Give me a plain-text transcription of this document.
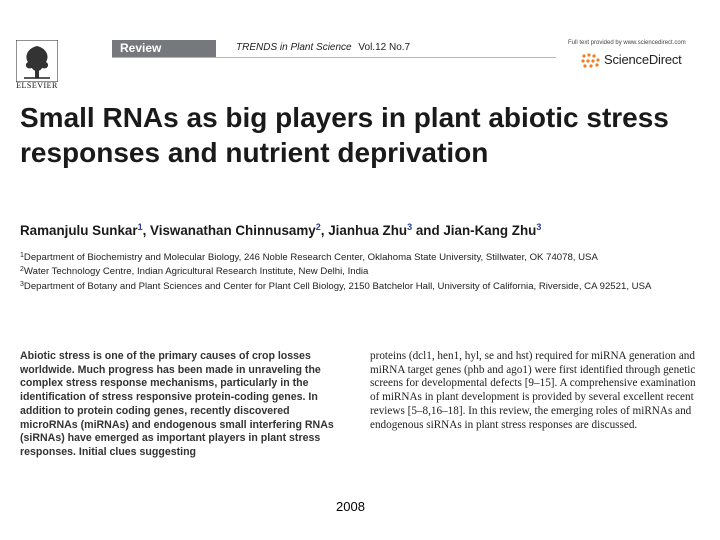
ELSEVIER
Review	TRENDS in Plant Science Vol.12 No.7	Full text provided by www.sciencedirect.com
ScienceDirect
Small RNAs as big players in plant abiotic stress responses and nutrient deprivation
Ramanjulu Sunkar$^1$, Viswanathan Chinnusamy$^2$, Jianhua Zhu$^3$ and Jian-Kang Zhu$^3$
$^1$Department of Biochemistry and Molecular Biology, 246 Noble Research Center, Oklahoma State University, Stillwater, OK 74078, USA
$^2$Water Technology Centre, Indian Agricultural Research Institute, New Delhi, India
$^3$Department of Botany and Plant Sciences and Center for Plant Cell Biology, 2150 Batchelor Hall, University of California, Riverside, CA 92521, USA
Abiotic stress is one of the primary causes of crop losses worldwide. Much progress has been made in unraveling the complex stress response mechanisms, particularly in the identification of stress responsive protein-coding genes. In addition to protein coding genes, recently discovered microRNAs (miRNAs) and endogenous small interfering RNAs (siRNAs) have emerged as important players in plant stress responses. Initial clues suggesting
proteins (dcl1, hen1, hyl, se and hst) required for miRNA generation and miRNA target genes (phb and ago1) were first identified through genetic screens for developmental defects [9–15]. A comprehensive examination of miRNAs in plant development is provided by several excellent recent reviews [5–8,16–18]. In this review, the emerging roles of miRNAs and endogenous siRNAs in plant stress responses are discussed.
2008
